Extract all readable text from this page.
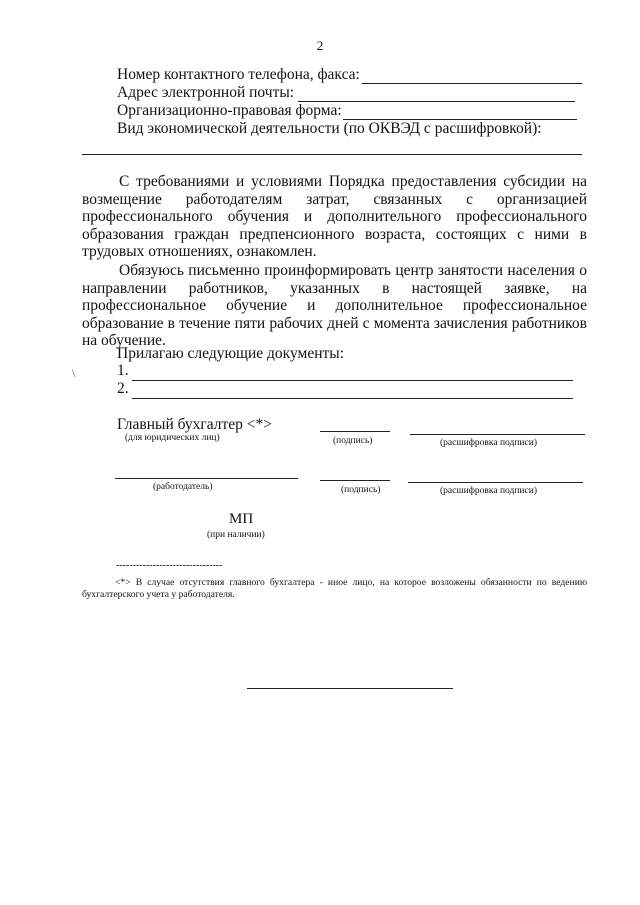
2
Номер контактного телефона, факса:
Адрес электронной почты:
Организационно-правовая форма:
Вид экономической деятельности (по ОКВЭД с расшифровкой):
С требованиями и условиями Порядка предоставления субсидии на возмещение работодателям затрат, связанных с организацией профессионального обучения и дополнительного профессионального образования граждан предпенсионного возраста, состоящих с ними в трудовых отношениях, ознакомлен.
Обязуюсь письменно проинформировать центр занятости населения о направлении работников, указанных в настоящей заявке, на профессиональное обучение и дополнительное профессиональное образование в течение пяти рабочих дней с момента зачисления работников на обучение.
Прилагаю следующие документы:
1.
2.
\
Главный бухгалтер <*>
(для юридических лиц)	(подпись)	(расшифровка подписи)
(работодатель)	(подпись)	(расшифровка подписи)
МП
(при наличии)
--------------------------------
<*> В случае отсутствия главного бухгалтера - иное лицо, на которое возложены обязанности по ведению бухгалтерского учета у работодателя.
